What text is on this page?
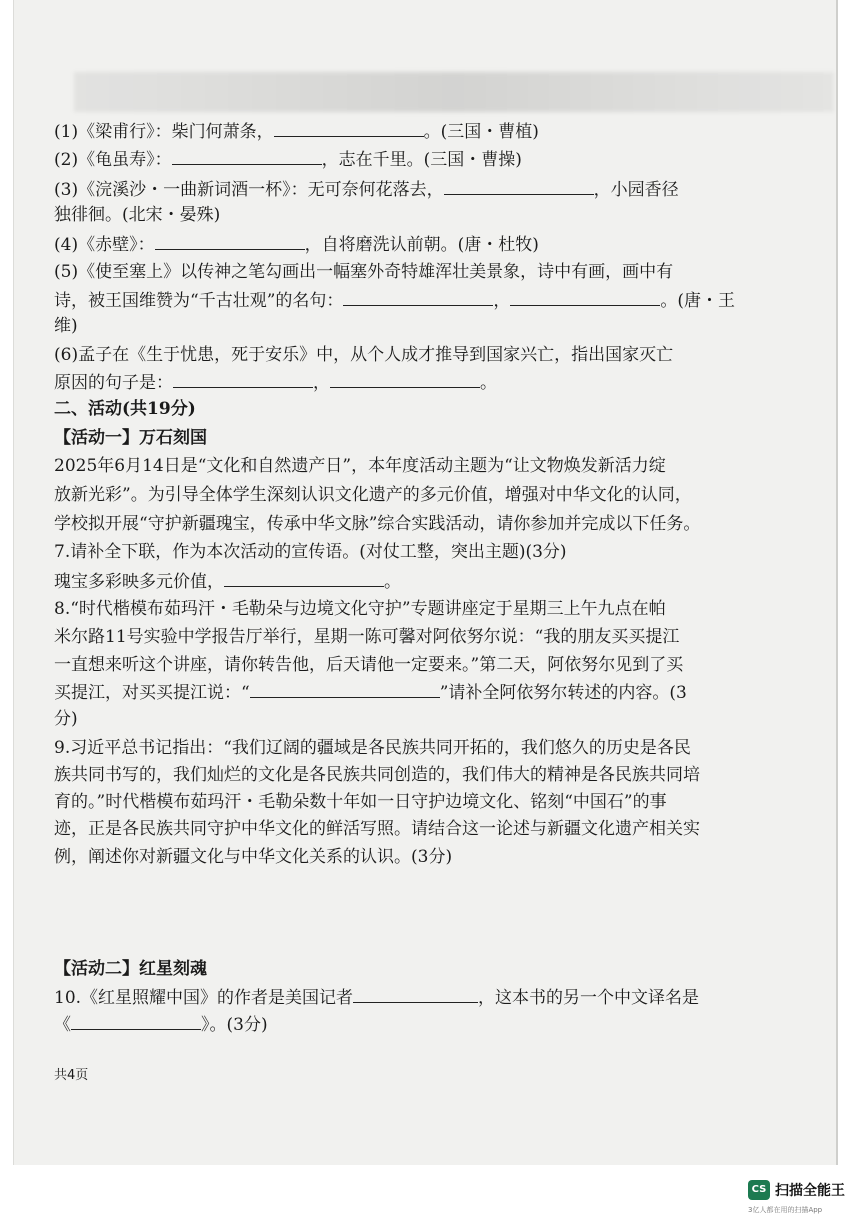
(1)《梁甫行》：柴门何萧条，	。(三国・曹植)
(2)《龟虽寿》：	，志在千里。(三国・曹操)
(3)《浣溪沙・一曲新词酒一杯》：无可奈何花落去，	，小园香径
独徘徊。(北宋・晏殊)
(4)《赤壁》：	，自将磨洗认前朝。(唐・杜牧)
(5)《使至塞上》以传神之笔勾画出一幅塞外奇特雄浑壮美景象，诗中有画，画中有
诗，被王国维赞为“千古壮观”的名句：	，	。(唐・王
维)
(6)孟子在《生于忧患，死于安乐》中，从个人成才推导到国家兴亡，指出国家灭亡
原因的句子是：	，	。
二、活动(共19分)
【活动一】万石刻国
2025年6月14日是“文化和自然遗产日”，本年度活动主题为“让文物焕发新活力绽
放新光彩”。为引导全体学生深刻认识文化遗产的多元价值，增强对中华文化的认同，
学校拟开展“守护新疆瑰宝，传承中华文脉”综合实践活动，请你参加并完成以下任务。
7.请补全下联，作为本次活动的宣传语。(对仗工整，突出主题)(3分)
瑰宝多彩映多元价值，	。
8.“时代楷模布茹玛汗・毛勒朵与边境文化守护”专题讲座定于星期三上午九点在帕
米尔路11号实验中学报告厅举行，星期一陈可馨对阿依努尔说：“我的朋友买买提江
一直想来听这个讲座，请你转告他，后天请他一定要来。”第二天，阿依努尔见到了买
买提江，对买买提江说：“	”请补全阿依努尔转述的内容。(3
分)
9.习近平总书记指出：“我们辽阔的疆域是各民族共同开拓的，我们悠久的历史是各民
族共同书写的，我们灿烂的文化是各民族共同创造的，我们伟大的精神是各民族共同培
育的。”时代楷模布茹玛汗・毛勒朵数十年如一日守护边境文化、铭刻“中国石”的事
迹，正是各民族共同守护中华文化的鲜活写照。请结合这一论述与新疆文化遗产相关实
例，阐述你对新疆文化与中华文化关系的认识。(3分)
【活动二】红星刻魂
10.《红星照耀中国》的作者是美国记者	，这本书的另一个中文译名是
《	》。(3分)
共4页
CS 扫描全能王
3亿人都在用的扫描App
